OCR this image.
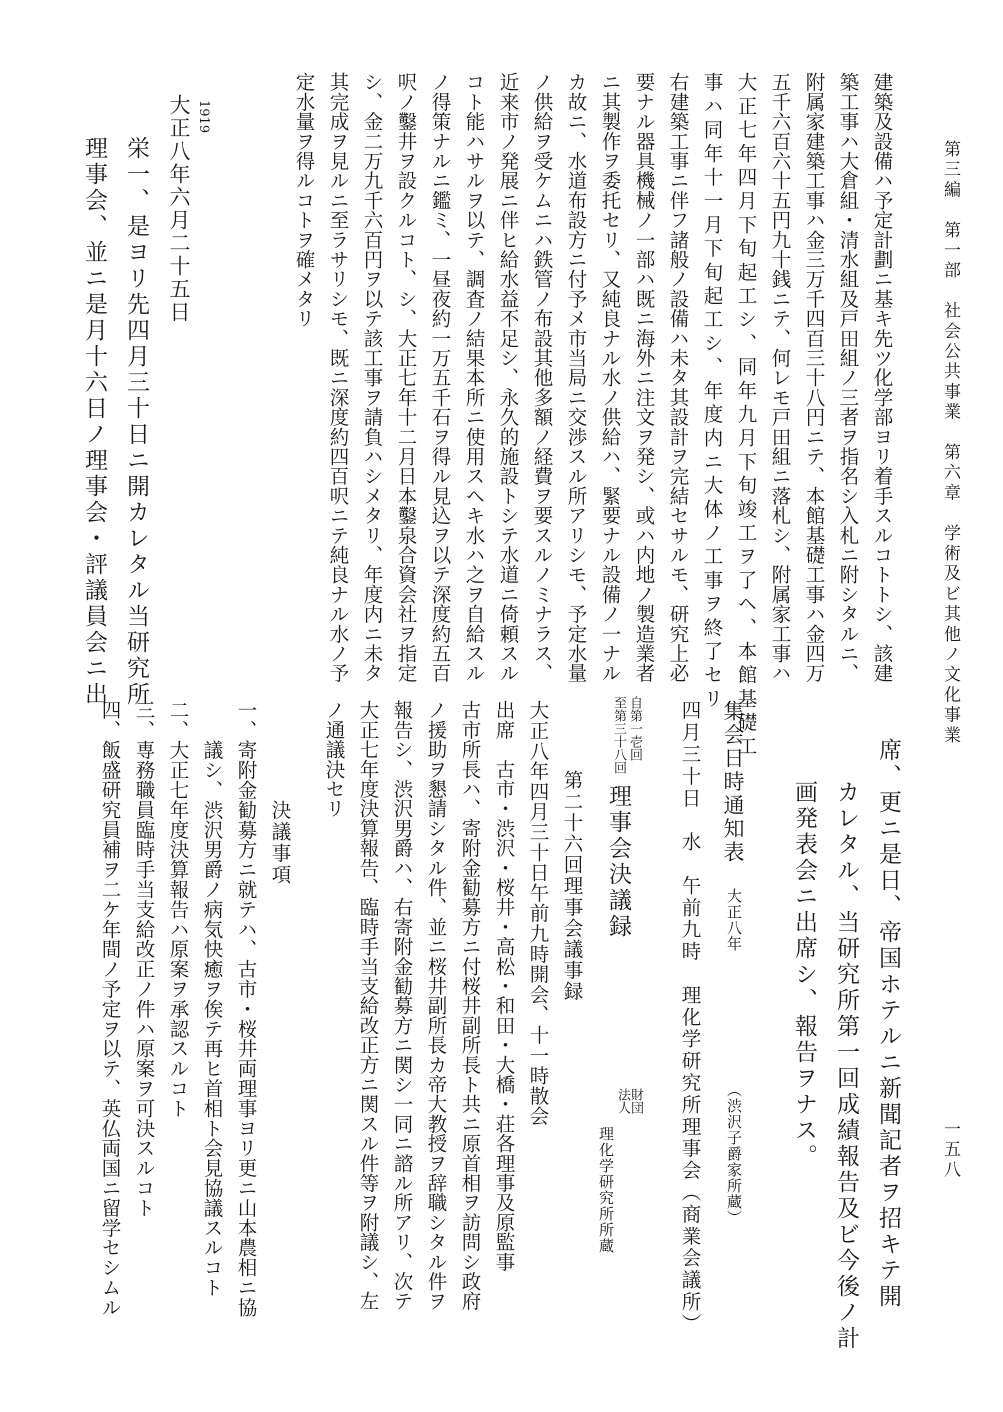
第三編　第一部　社会公共事業　第六章　学術及ビ其他ノ文化事業
一五八
建築及設備ハ予定計劃ニ基キ先ツ化学部ヨリ着手スルコトトシ、該建
築工事ハ大倉組・清水組及戸田組ノ三者ヲ指名シ入札ニ附シタルニ、
附属家建築工事ハ金三万千四百三十八円ニテ、本館基礎工事ハ金四万
五千六百六十五円九十銭ニテ、何レモ戸田組ニ落札シ、附属家工事ハ
大正七年四月下旬起工シ、同年九月下旬竣工ヲ了ヘ、本館基礎工
事ハ同年十一月下旬起工シ、年度内ニ大体ノ工事ヲ終了セリ
右建築工事ニ伴フ諸般ノ設備ハ未タ其設計ヲ完結セサルモ、研究上必
要ナル器具機械ノ一部ハ既ニ海外ニ注文ヲ発シ、或ハ内地ノ製造業者
ニ其製作ヲ委托セリ、又純良ナル水ノ供給ハ、緊要ナル設備ノ一ナル
カ故ニ、水道布設方ニ付予メ市当局ニ交渉スル所アリシモ、予定水量
ノ供給ヲ受ケムニハ鉄管ノ布設其他多額ノ経費ヲ要スルノミナラス、
近来市ノ発展ニ伴ヒ給水益不足シ、永久的施設トシテ水道ニ倚頼スル
コト能ハサルヲ以テ、調査ノ結果本所ニ使用スヘキ水ハ之ヲ自給スル
ノ得策ナルニ鑑ミ、一昼夜約一万五千石ヲ得ル見込ヲ以テ深度約五百
呎ノ鑿井ヲ設クルコト、シ、大正七年十二月日本鑿泉合資会社ヲ指定
シ、金二万九千六百円ヲ以テ該工事ヲ請負ハシメタリ、年度内ニ未タ
其完成ヲ見ルニ至ラサリシモ、既ニ深度約四百呎ニテ純良ナル水ノ予
定水量ヲ得ルコトヲ確メタリ
1919
大正八年六月二十五日
栄一、是ヨリ先四月三十日ニ開カレタル当研究所
理事会、並ニ是月十六日ノ理事会・評議員会ニ出
席、更ニ是日、帝国ホテルニ新聞記者ヲ招キテ開
カレタル、当研究所第一回成績報告及ビ今後ノ計
画発表会ニ出席シ、報告ヲナス。
集会日時通知表
大正八年
（渋沢子爵家所蔵）
四月三十日　水　午前九時　理化学研究所理事会（商業会議所）
自第一壱回
至第三十八回
理事会決議録
財団法人
理化学研究所所蔵
第二十六回理事会議事録
大正八年四月三十日午前九時開会、十一時散会
出席　古市・渋沢・桜井・高松・和田・大橋・荘各理事及原監事
古市所長ハ、寄附金勧募方ニ付桜井副所長ト共ニ原首相ヲ訪問シ政府
ノ援助ヲ懇請シタル件、並ニ桜井副所長カ帝大教授ヲ辞職シタル件ヲ
報告シ、渋沢男爵ハ、右寄附金勧募方ニ関シ一同ニ諮ル所アリ、次テ
大正七年度決算報告、臨時手当支給改正方ニ関スル件等ヲ附議シ、左
ノ通議決セリ
決議事項
一、
寄附金勧募方ニ就テハ、古市・桜井両理事ヨリ更ニ山本農相ニ協
議シ、渋沢男爵ノ病気快癒ヲ俟テ再ヒ首相ト会見協議スルコト
二、
大正七年度決算報告ハ原案ヲ承認スルコト
三、
専務職員臨時手当支給改正ノ件ハ原案ヲ可決スルコト
四、
飯盛研究員補ヲ二ケ年間ノ予定ヲ以テ、英仏両国ニ留学セシムル
